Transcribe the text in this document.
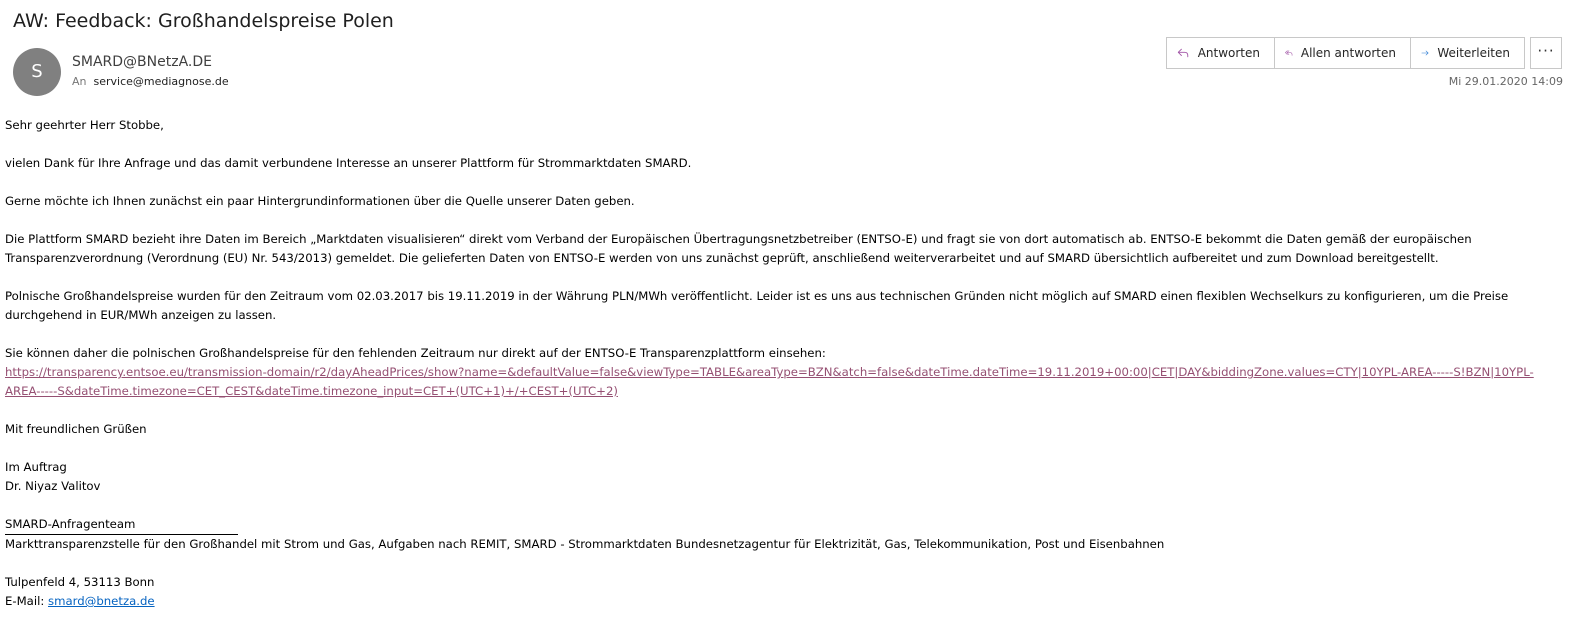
AW: Feedback: Großhandelspreise Polen
S	SMARD@BNetzA.DE
An service@mediagnose.de
Antworten	Allen antworten	Weiterleiten	···
Mi 29.01.2020 14:09

Sehr geehrter Herr Stobbe,

vielen Dank für Ihre Anfrage und das damit verbundene Interesse an unserer Plattform für Strommarktdaten SMARD.

Gerne möchte ich Ihnen zunächst ein paar Hintergrundinformationen über die Quelle unserer Daten geben.

Die Plattform SMARD bezieht ihre Daten im Bereich „Marktdaten visualisieren“ direkt vom Verband der Europäischen Übertragungsnetzbetreiber (ENTSO-E) und fragt sie von dort automatisch ab. ENTSO-E bekommt die Daten gemäß der europäischen Transparenzverordnung (Verordnung (EU) Nr. 543/2013) gemeldet. Die gelieferten Daten von ENTSO-E werden von uns zunächst geprüft, anschließend weiterverarbeitet und auf SMARD übersichtlich aufbereitet und zum Download bereitgestellt.

Polnische Großhandelspreise wurden für den Zeitraum vom 02.03.2017 bis 19.11.2019 in der Währung PLN/MWh veröffentlicht. Leider ist es uns aus technischen Gründen nicht möglich auf SMARD einen flexiblen Wechselkurs zu konfigurieren, um die Preise durchgehend in EUR/MWh anzeigen zu lassen.

Sie können daher die polnischen Großhandelspreise für den fehlenden Zeitraum nur direkt auf der ENTSO-E Transparenzplattform einsehen:
https://transparency.entsoe.eu/transmission-domain/r2/dayAheadPrices/show?name=&defaultValue=false&viewType=TABLE&areaType=BZN&atch=false&dateTime.dateTime=19.11.2019+00:00|CET|DAY&biddingZone.values=CTY|10YPL-AREA-----S!BZN|10YPL-AREA-----S&dateTime.timezone=CET_CEST&dateTime.timezone_input=CET+(UTC+1)+/+CEST+(UTC+2)

Mit freundlichen Grüßen

Im Auftrag
Dr. Niyaz Valitov

SMARD-Anfragenteam

Markttransparenzstelle für den Großhandel mit Strom und Gas, Aufgaben nach REMIT, SMARD - Strommarktdaten Bundesnetzagentur für Elektrizität, Gas, Telekommunikation, Post und Eisenbahnen

Tulpenfeld 4, 53113 Bonn

E-Mail: smard@bnetza.de
